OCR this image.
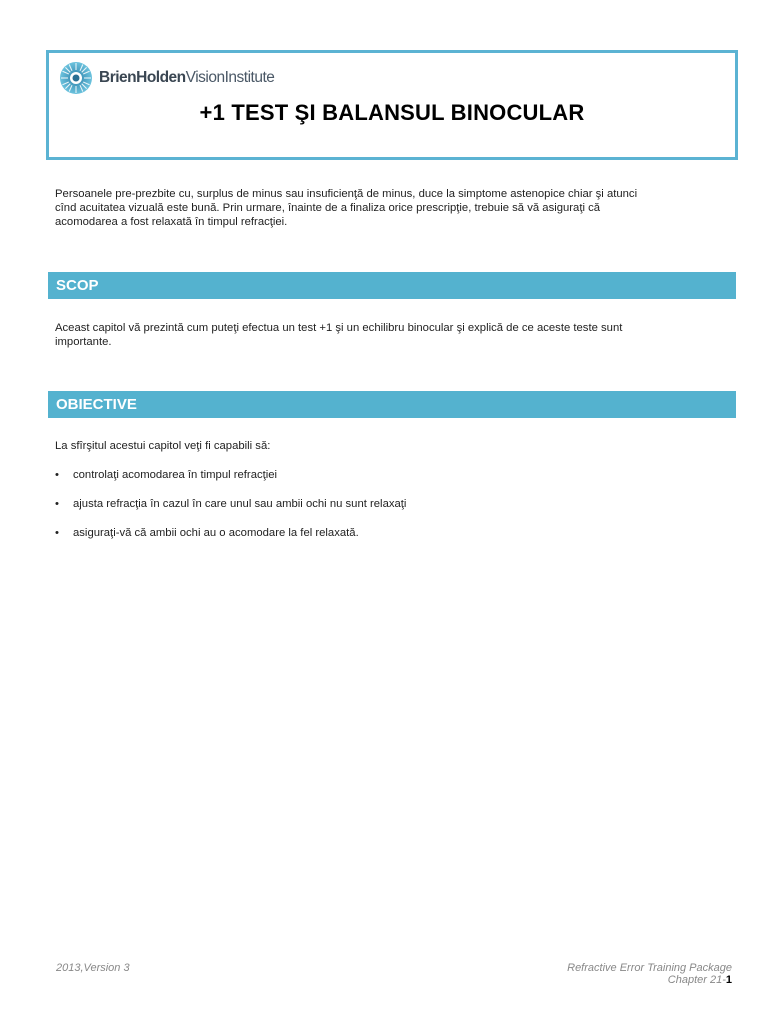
BrienHoldenVisionInstitute
+1 TEST ŞI BALANSUL BINOCULAR
Persoanele pre-prezbite cu, surplus de minus sau insuficienţă de minus, duce la simptome astenopice chiar şi atunci
cînd acuitatea vizuală este bună. Prin urmare, înainte de a finaliza orice prescripţie, trebuie să vă asiguraţi că
acomodarea a fost relaxată în timpul refracţiei.
SCOP
Aceast capitol vă prezintă cum puteţi efectua un test +1 şi un echilibru binocular şi explică de ce aceste teste sunt
importante.
OBIECTIVE
La sfîrşitul acestui capitol veţi fi capabili să:
• controlaţi acomodarea în timpul refracţiei
• ajusta refracţia în cazul în care unul sau ambii ochi nu sunt relaxaţi
• asiguraţi-vă că ambii ochi au o acomodare la fel relaxată.
2013,Version 3	Refractive Error Training Package
Chapter 21-1
